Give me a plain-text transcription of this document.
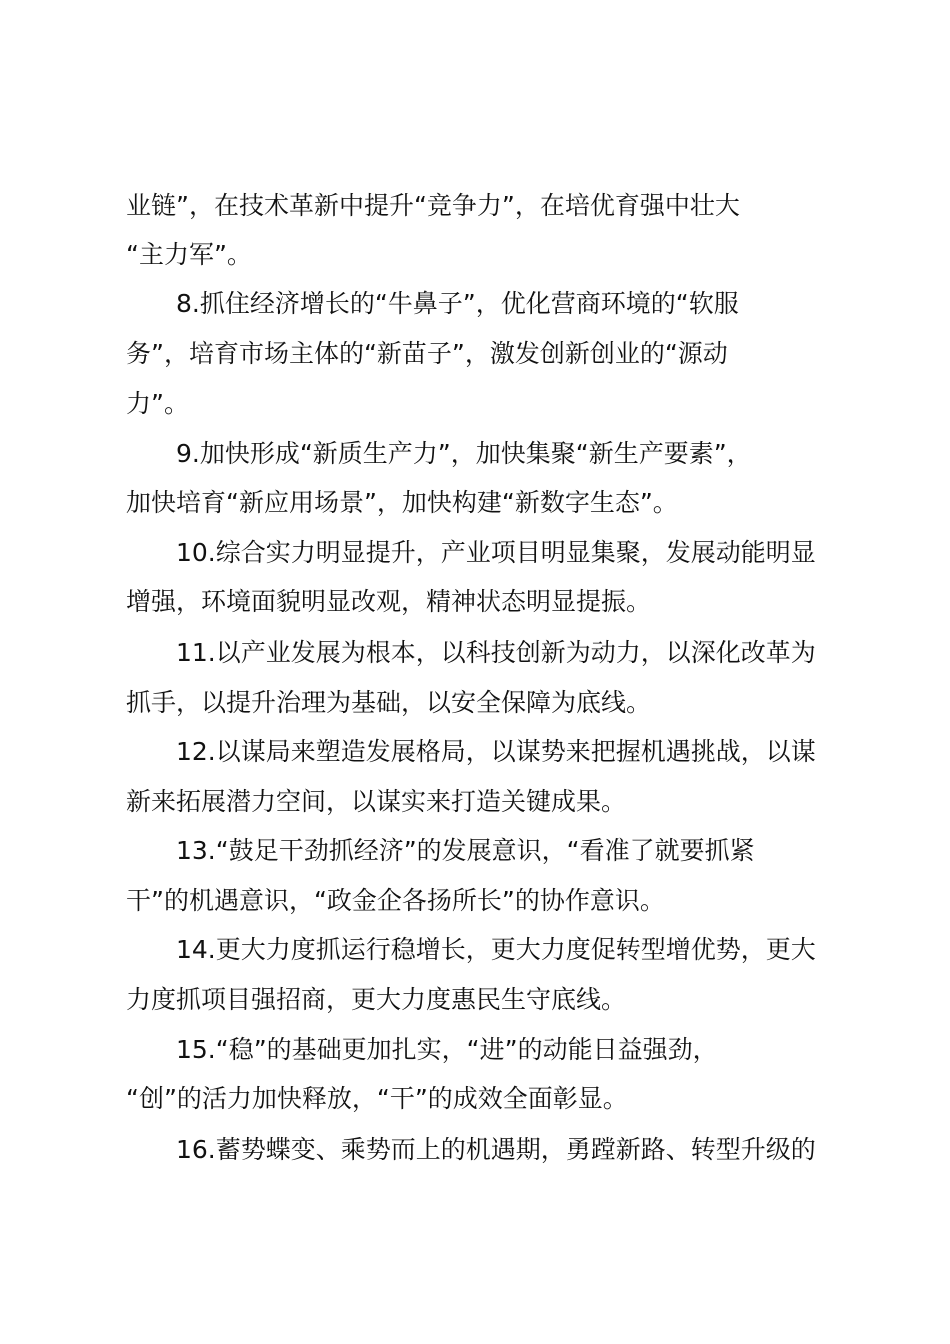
业链”，在技术革新中提升“竞争力”，在培优育强中壮大
“主力军”。
8.抓住经济增长的“牛鼻子”，优化营商环境的“软服
务”，培育市场主体的“新苗子”，激发创新创业的“源动
力”。
9.加快形成“新质生产力”，加快集聚“新生产要素”，
加快培育“新应用场景”，加快构建“新数字生态”。
10.综合实力明显提升，产业项目明显集聚，发展动能明显
增强，环境面貌明显改观，精神状态明显提振。
11.以产业发展为根本，以科技创新为动力，以深化改革为
抓手，以提升治理为基础，以安全保障为底线。
12.以谋局来塑造发展格局，以谋势来把握机遇挑战，以谋
新来拓展潜力空间，以谋实来打造关键成果。
13.“鼓足干劲抓经济”的发展意识，“看准了就要抓紧
干”的机遇意识，“政金企各扬所长”的协作意识。
14.更大力度抓运行稳增长，更大力度促转型增优势，更大
力度抓项目强招商，更大力度惠民生守底线。
15.“稳”的基础更加扎实，“进”的动能日益强劲，
“创”的活力加快释放，“干”的成效全面彰显。
16.蓄势蝶变、乘势而上的机遇期，勇蹚新路、转型升级的
